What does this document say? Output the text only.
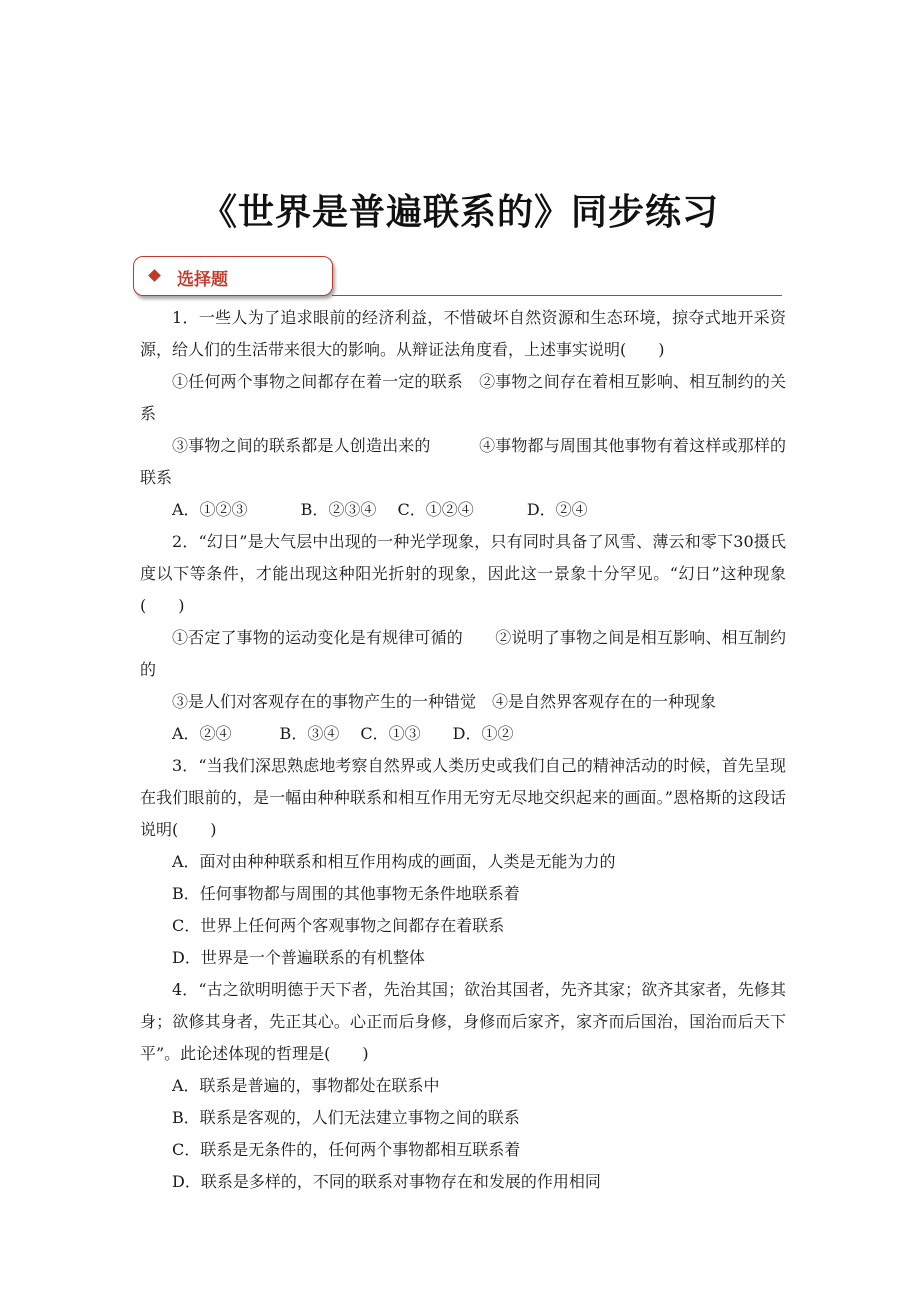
《世界是普遍联系的》同步练习
选择题

1．一些人为了追求眼前的经济利益，不惜破坏自然资源和生态环境，掠夺式地开采资源，给人们的生活带来很大的影响。从辩证法角度看，上述事实说明(　　)

①任何两个事物之间都存在着一定的联系　②事物之间存在着相互影响、相互制约的关系

③事物之间的联系都是人创造出来的　　　④事物都与周围其他事物有着这样或那样的联系

A．①②③　　　 B．②③④　 C．①②④　　　 D．②④

2．“幻日”是大气层中出现的一种光学现象，只有同时具备了风雪、薄云和零下30摄氏度以下等条件，才能出现这种阳光折射的现象，因此这一景象十分罕见。“幻日”这种现象(　　)

①否定了事物的运动变化是有规律可循的　　②说明了事物之间是相互影响、相互制约的

③是人们对客观存在的事物产生的一种错觉　④是自然界客观存在的一种现象

A．②④　　　B．③④　 C．①③　　D．①②

3．“当我们深思熟虑地考察自然界或人类历史或我们自己的精神活动的时候，首先呈现在我们眼前的，是一幅由种种联系和相互作用无穷无尽地交织起来的画面。”恩格斯的这段话说明(　　)

A．面对由种种联系和相互作用构成的画面，人类是无能为力的

B．任何事物都与周围的其他事物无条件地联系着

C．世界上任何两个客观事物之间都存在着联系

D．世界是一个普遍联系的有机整体

4．“古之欲明明德于天下者，先治其国；欲治其国者，先齐其家；欲齐其家者，先修其身；欲修其身者，先正其心。心正而后身修，身修而后家齐，家齐而后国治，国治而后天下平”。此论述体现的哲理是(　　)

A．联系是普遍的，事物都处在联系中

B．联系是客观的，人们无法建立事物之间的联系

C．联系是无条件的，任何两个事物都相互联系着

D．联系是多样的，不同的联系对事物存在和发展的作用相同
